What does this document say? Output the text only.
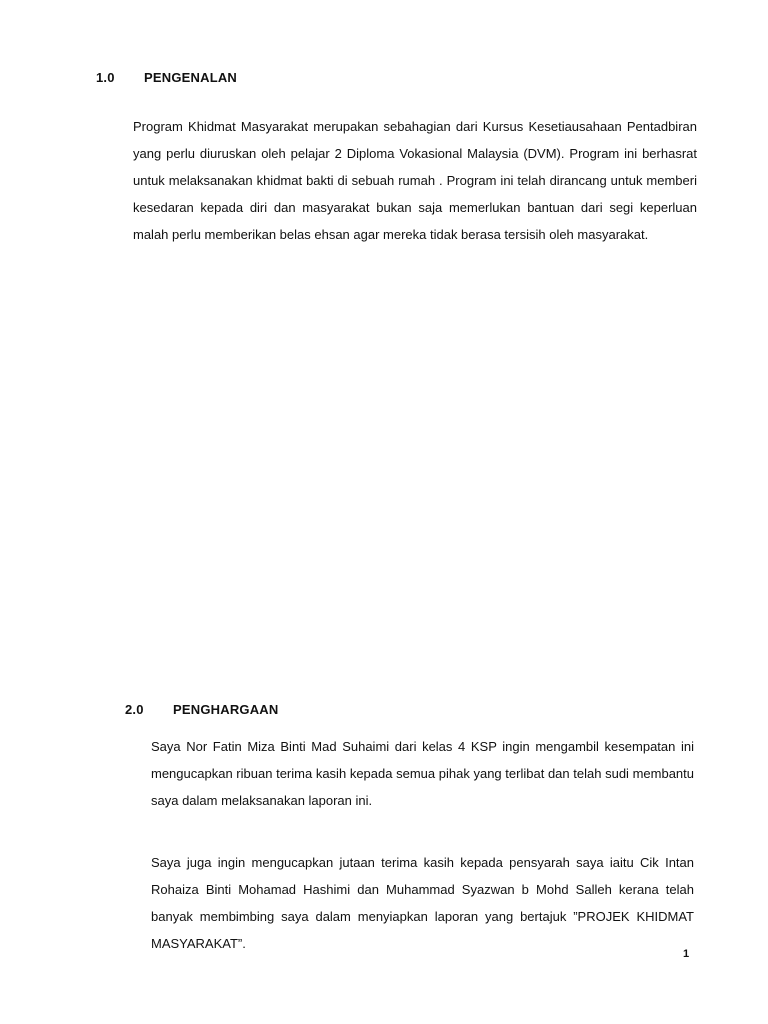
1.0 PENGENALAN

Program Khidmat Masyarakat merupakan sebahagian dari Kursus Kesetiausahaan Pentadbiran yang perlu diuruskan oleh pelajar 2 Diploma Vokasional Malaysia (DVM). Program ini berhasrat untuk melaksanakan khidmat bakti di sebuah rumah . Program ini telah dirancang untuk memberi kesedaran kepada diri dan masyarakat bukan saja memerlukan bantuan dari segi keperluan malah perlu memberikan belas ehsan agar mereka tidak berasa tersisih oleh masyarakat.

2.0 PENGHARGAAN

Saya Nor Fatin Miza Binti Mad Suhaimi dari kelas 4 KSP ingin mengambil kesempatan ini mengucapkan ribuan terima kasih kepada semua pihak yang terlibat dan telah sudi membantu saya dalam melaksanakan laporan ini.

Saya juga ingin mengucapkan jutaan terima kasih kepada pensyarah saya iaitu Cik Intan Rohaiza Binti Mohamad Hashimi dan Muhammad Syazwan b Mohd Salleh kerana telah banyak membimbing saya dalam menyiapkan laporan yang bertajuk ”PROJEK KHIDMAT MASYARAKAT”.

1
